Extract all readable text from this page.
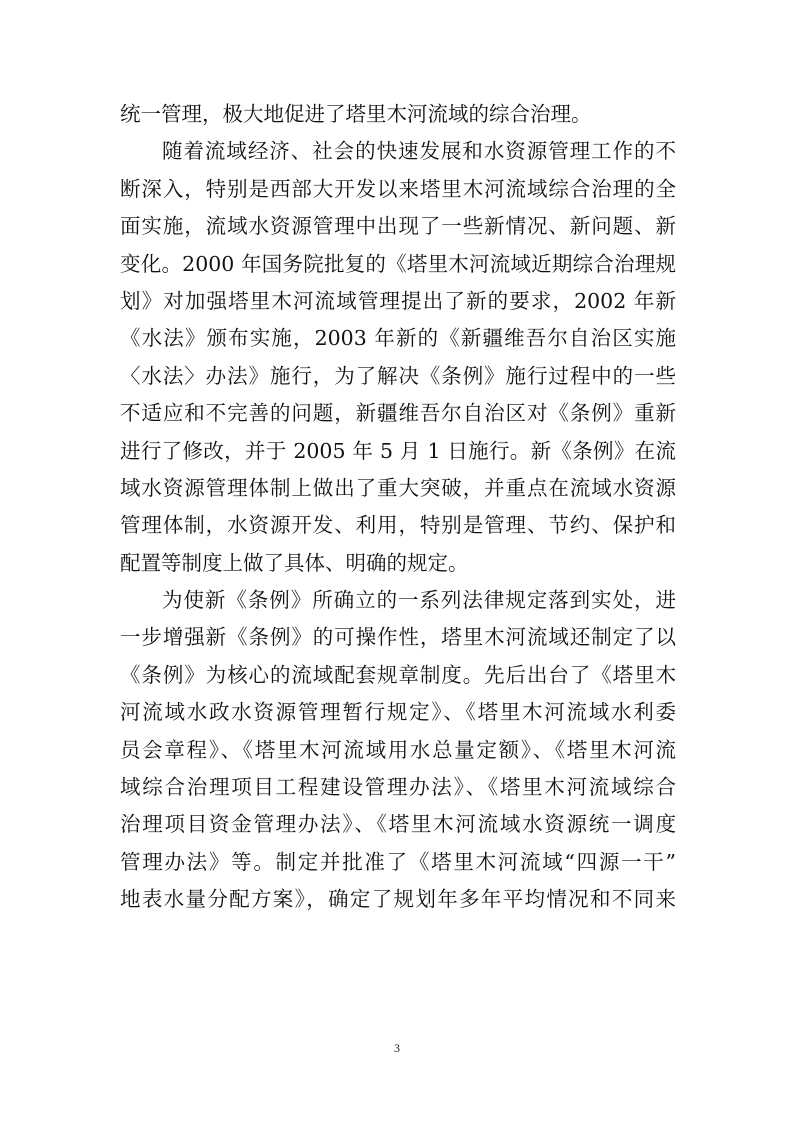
统一管理，极大地促进了塔里木河流域的综合治理。
随着流域经济、社会的快速发展和水资源管理工作的不
断深入，特别是西部大开发以来塔里木河流域综合治理的全
面实施，流域水资源管理中出现了一些新情况、新问题、新
变化。2000 年国务院批复的《塔里木河流域近期综合治理规
划》对加强塔里木河流域管理提出了新的要求，2002 年新
《水法》颁布实施，2003 年新的《新疆维吾尔自治区实施
〈水法〉办法》施行，为了解决《条例》施行过程中的一些
不适应和不完善的问题，新疆维吾尔自治区对《条例》重新
进行了修改，并于 2005 年 5 月 1 日施行。新《条例》在流
域水资源管理体制上做出了重大突破，并重点在流域水资源
管理体制，水资源开发、利用，特别是管理、节约、保护和
配置等制度上做了具体、明确的规定。
为使新《条例》所确立的一系列法律规定落到实处，进
一步增强新《条例》的可操作性，塔里木河流域还制定了以
《条例》为核心的流域配套规章制度。先后出台了《塔里木
河流域水政水资源管理暂行规定》、《塔里木河流域水利委
员会章程》、《塔里木河流域用水总量定额》、《塔里木河流
域综合治理项目工程建设管理办法》、《塔里木河流域综合
治理项目资金管理办法》、《塔里木河流域水资源统一调度
管理办法》等。制定并批准了《塔里木河流域“四源一干”
地表水量分配方案》，确定了规划年多年平均情况和不同来
3
